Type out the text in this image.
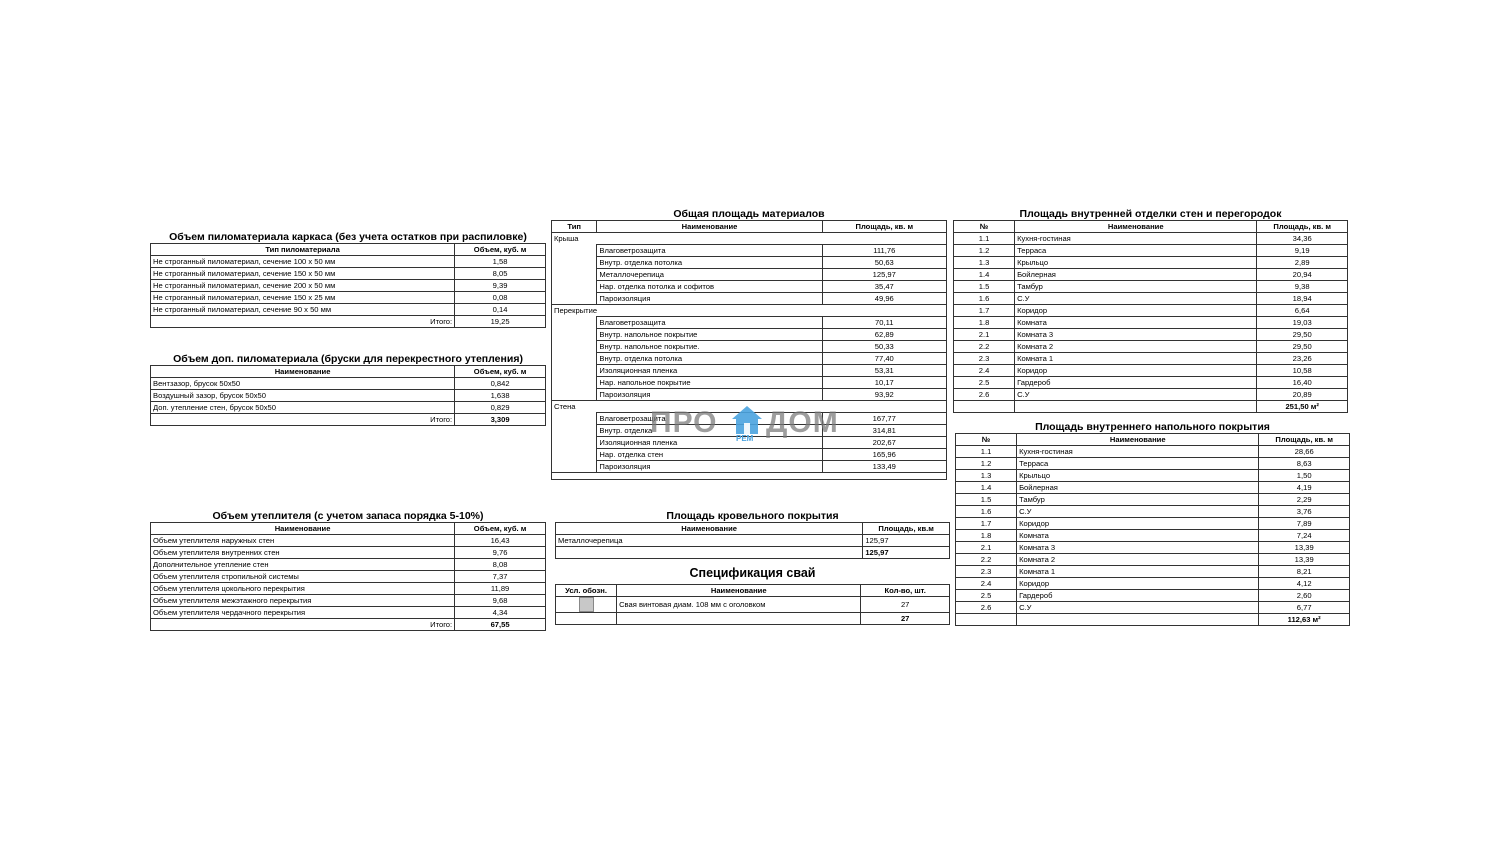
Объем пиломатериала каркаса (без учета остатков при распиловке)
Тип пиломатериала	Объем, куб. м
Не строганный пиломатериал, сечение 100 x 50 мм	1,58
Не строганный пиломатериал, сечение 150 x 50 мм	8,05
Не строганный пиломатериал, сечение 200 x 50 мм	9,39
Не строганный пиломатериал, сечение 150 x 25 мм	0,08
Не строганный пиломатериал, сечение 90 x 50 мм	0,14
Итого:	19,25
Объем доп. пиломатериала (бруски для перекрестного утепления)
Наименование	Объем, куб. м
Вентзазор, брусок 50x50	0,842
Воздушный зазор, брусок 50x50	1,638
Доп. утепление стен, брусок 50x50	0,829
Итого:	3,309
Объем утеплителя (с учетом запаса порядка 5-10%)
Наименование	Объем, куб. м
Объем утеплителя наружных стен	16,43
Объем утеплителя внутренних стен	9,76
Дополнительное утепление стен	8,08
Объем утеплителя стропильной системы	7,37
Объем утеплителя цокольного перекрытия	11,89
Объем утеплителя межэтажного перекрытия	9,68
Объем утеплителя чердачного перекрытия	4,34
Итого:	67,55
Общая площадь материалов
Тип	Наименование	Площадь, кв. м
Крыша		
	Влаговетрозащита	111,76
	Внутр. отделка потолка	50,63
	Металлочерепица	125,97
	Нар. отделка потолка и софитов	35,47
	Пароизоляция	49,96
Перекрытие		
	Влаговетрозащита	70,11
	Внутр. напольное покрытие	62,89
	Внутр. напольное покрытие.	50,33
	Внутр. отделка потолка	77,40
	Изоляционная пленка	53,31
	Нар. напольное покрытие	10,17
	Пароизоляция	93,92
Стена		
	Влаговетрозащита	167,77
	Внутр. отделка	314,81
	Изоляционная пленка	202,67
	Нар. отделка стен	165,96
	Пароизоляция	133,49

Площадь кровельного покрытия
Наименование	Площадь, кв.м
Металлочерепица	125,97
	125,97
Спецификация свай
Усл. обозн.	Наименование	Кол-во, шт.

	Свая винтовая диам. 108 мм с оголовком	27
		27
Площадь внутренней отделки стен и перегородок
№	Наименование	Площадь, кв. м
1.1	Кухня-гостиная	34,36
1.2	Терраса	9,19
1.3	Крыльцо	2,89
1.4	Бойлерная	20,94
1.5	Тамбур	9,38
1.6	С.У	18,94
1.7	Коридор	6,64
1.8	Комната	19,03
2.1	Комната 3	29,50
2.2	Комната 2	29,50
2.3	Комната 1	23,26
2.4	Коридор	10,58
2.5	Гардероб	16,40
2.6	С.У	20,89
		251,50 м²
Площадь внутреннего напольного покрытия
№	Наименование	Площадь, кв. м
1.1	Кухня-гостиная	28,66
1.2	Терраса	8,63
1.3	Крыльцо	1,50
1.4	Бойлерная	4,19
1.5	Тамбур	2,29
1.6	С.У	3,76
1.7	Коридор	7,89
1.8	Комната	7,24
2.1	Комната 3	13,39
2.2	Комната 2	13,39
2.3	Комната 1	8,21
2.4	Коридор	4,12
2.5	Гардероб	2,60
2.6	С.У	6,77
		112,63 м²
ПРО РЕМ ДОМ
